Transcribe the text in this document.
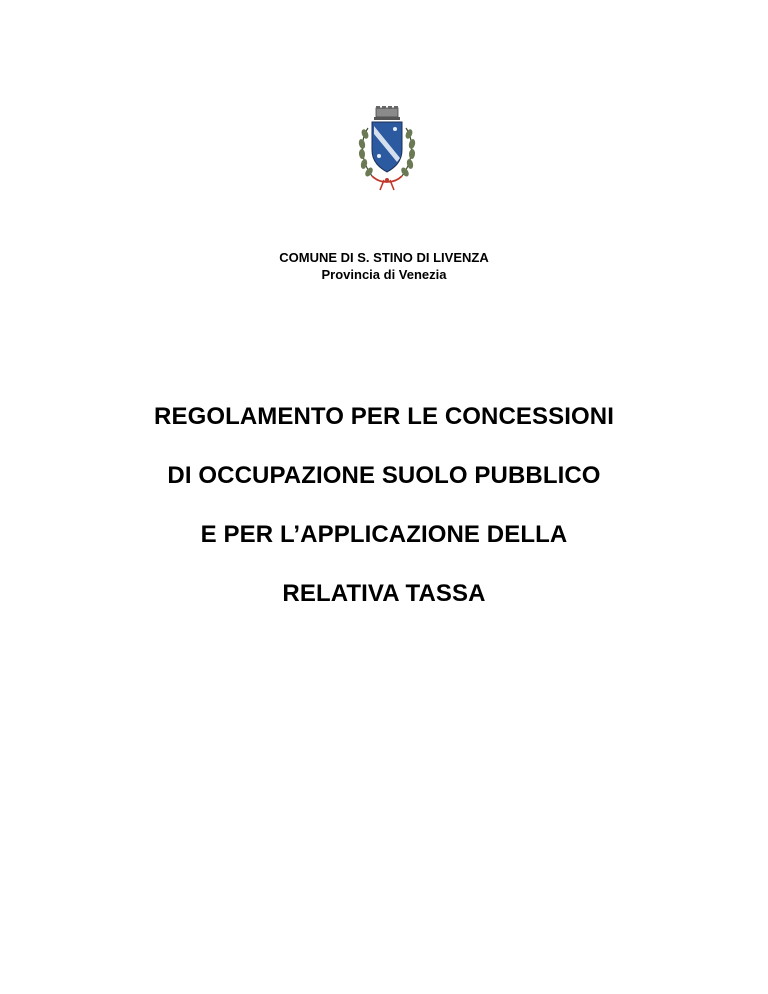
COMUNE DI S. STINO DI LIVENZA
Provincia di Venezia
REGOLAMENTO PER LE CONCESSIONI
DI OCCUPAZIONE SUOLO PUBBLICO
E PER L’APPLICAZIONE DELLA
RELATIVA TASSA
